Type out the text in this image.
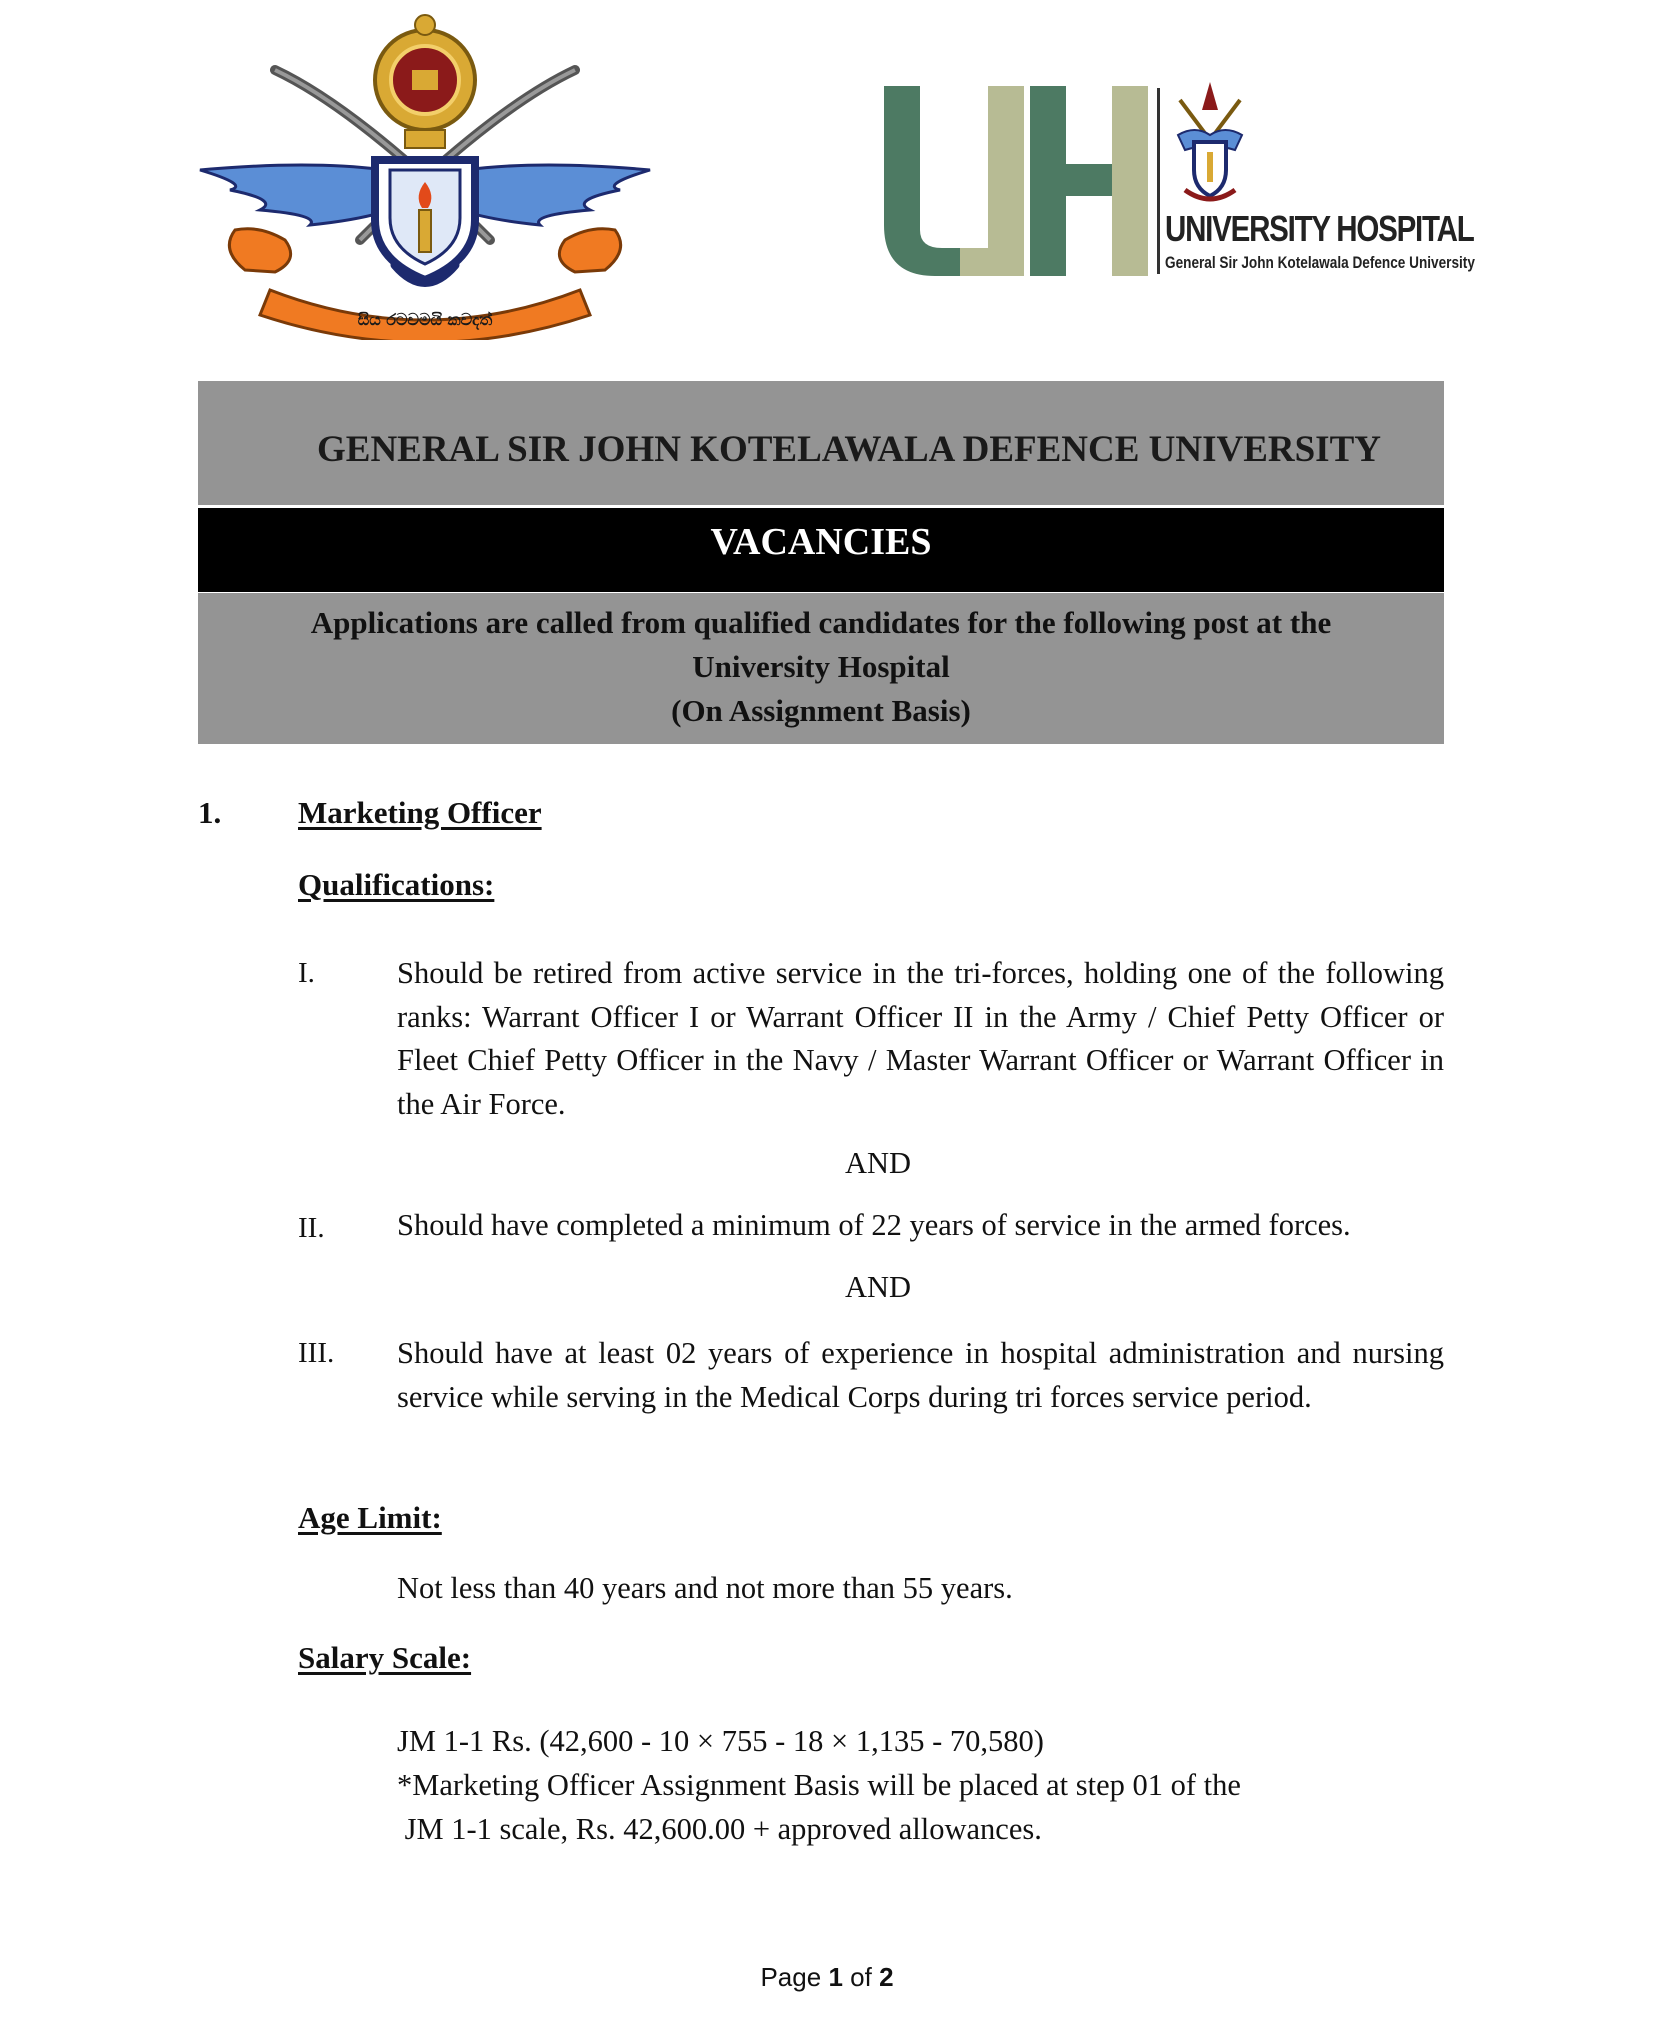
සිය රටවමයි කවදත්
UNIVERSITY HOSPITAL
General Sir John Kotelawala Defence University
GENERAL SIR JOHN KOTELAWALA DEFENCE UNIVERSITY
VACANCIES
Applications are called from qualified candidates for the following post at the
University Hospital
(On Assignment Basis)
1. Marketing Officer
Qualifications:
I.	Should be retired from active service in the tri-forces, holding one of the following ranks: Warrant Officer I or Warrant Officer II in the Army / Chief Petty Officer or Fleet Chief Petty Officer in the Navy / Master Warrant Officer or Warrant Officer in the Air Force.
AND
II. Should have completed a minimum of 22 years of service in the armed forces.
AND
III. Should have at least 02 years of experience in hospital administration and nursing service while serving in the Medical Corps during tri forces service period.
Age Limit:
Not less than 40 years and not more than 55 years.
Salary Scale:
JM 1-1 Rs. (42,600 - 10 × 755 - 18 × 1,135 - 70,580)
*Marketing Officer Assignment Basis will be placed at step 01 of the
JM 1-1 scale, Rs. 42,600.00 + approved allowances.
Page 1 of 2
